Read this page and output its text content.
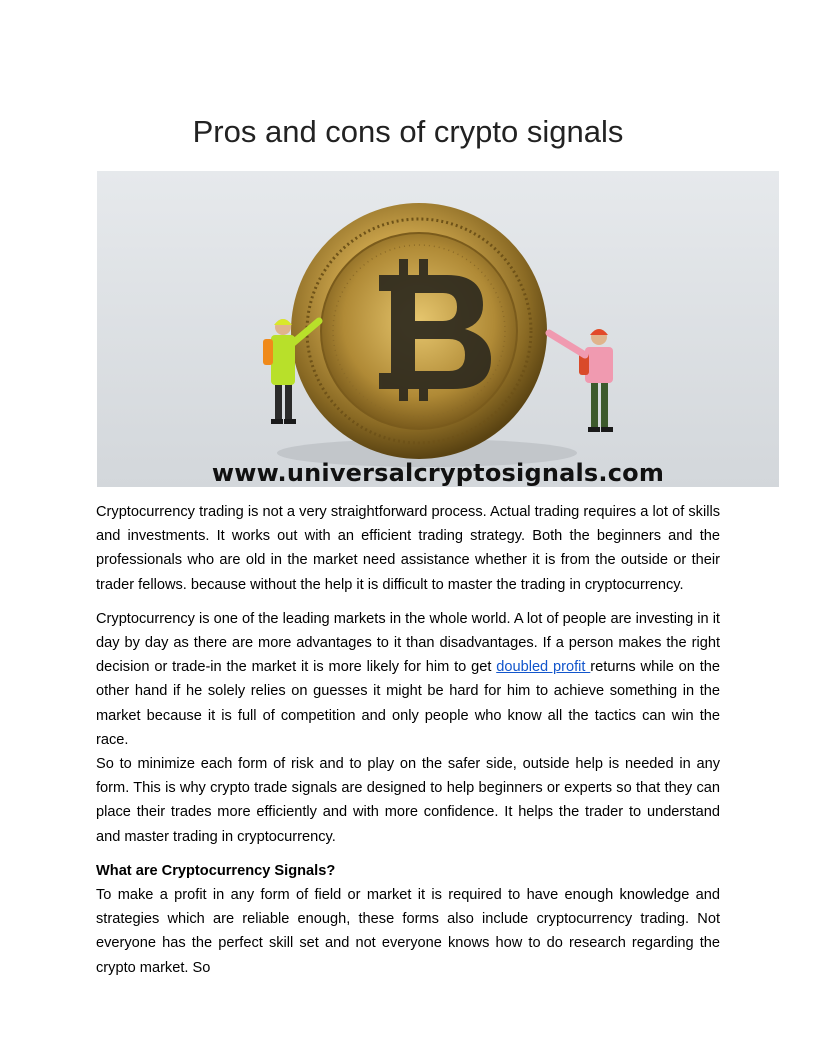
Pros and cons of crypto signals
www.universalcryptosignals.com

Cryptocurrency trading is not a very straightforward process. Actual trading requires a lot of skills and investments. It works out with an efficient trading strategy. Both the beginners and the professionals who are old in the market need assistance whether it is from the outside or their trader fellows. because without the help it is difficult to master the trading in cryptocurrency.

Cryptocurrency is one of the leading markets in the whole world. A lot of people are investing in it day by day as there are more advantages to it than disadvantages. If a person makes the right decision or trade-in the market it is more likely for him to get doubled profit returns while on the other hand if he solely relies on guesses it might be hard for him to achieve something in the market because it is full of competition and only people who know all the tactics can win the race.

So to minimize each form of risk and to play on the safer side, outside help is needed in any form. This is why crypto trade signals are designed to help beginners or experts so that they can place their trades more efficiently and with more confidence. It helps the trader to understand and master trading in cryptocurrency.

What are Cryptocurrency Signals?

To make a profit in any form of field or market it is required to have enough knowledge and strategies which are reliable enough, these forms also include cryptocurrency trading. Not everyone has the perfect skill set and not everyone knows how to do research regarding the crypto market. So
